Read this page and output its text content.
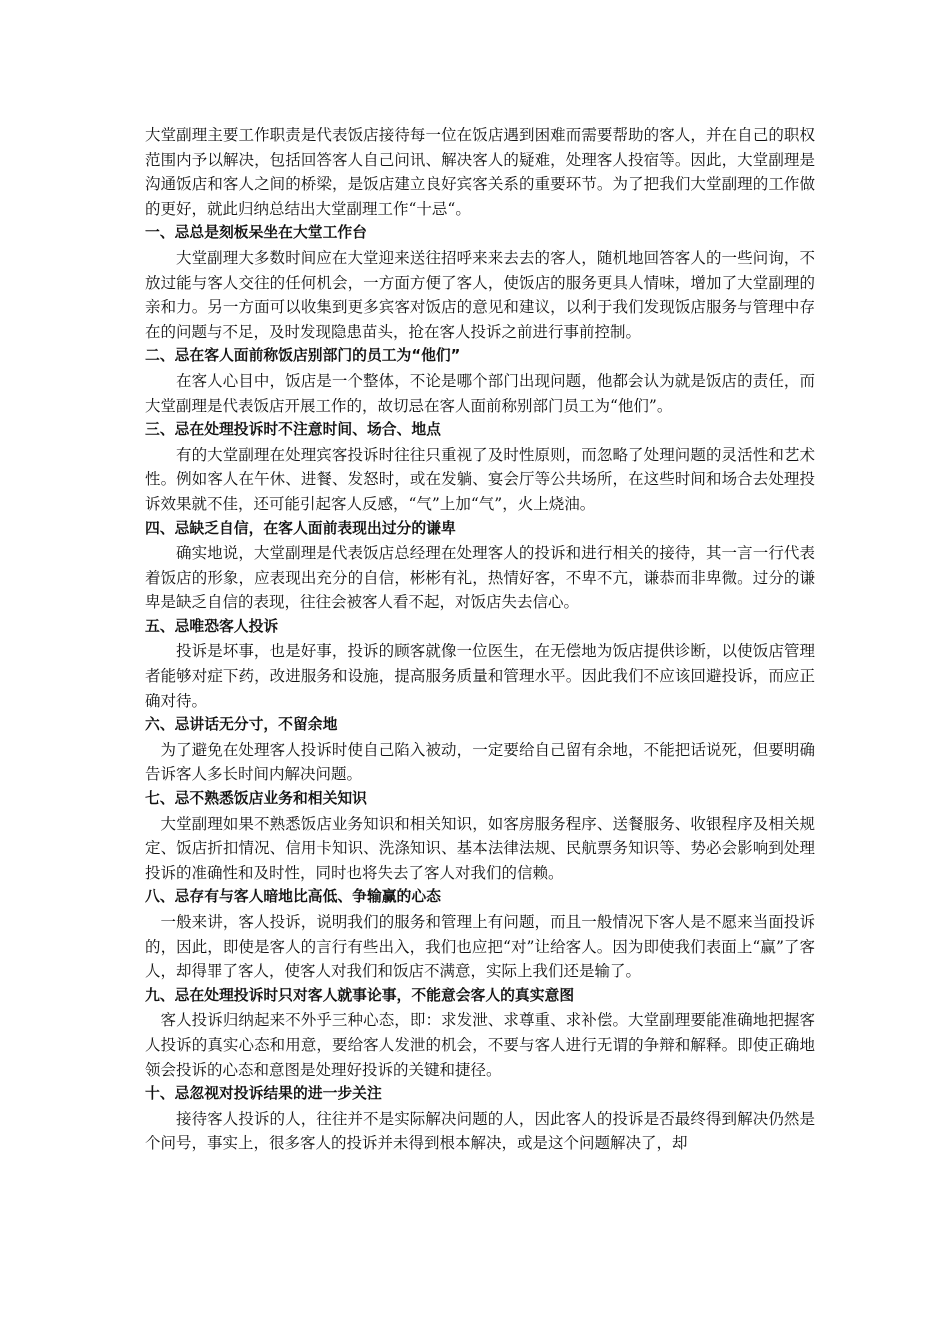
大堂副理主要工作职责是代表饭店接待每一位在饭店遇到困难而需要帮助的客人，并在自己的职权范围内予以解决，包括回答客人自己问讯、解决客人的疑难，处理客人投宿等。因此，大堂副理是沟通饭店和客人之间的桥梁，是饭店建立良好宾客关系的重要环节。为了把我们大堂副理的工作做的更好，就此归纳总结出大堂副理工作“十忌“。

一、忌总是刻板呆坐在大堂工作台

大堂副理大多数时间应在大堂迎来送往招呼来来去去的客人，随机地回答客人的一些问询，不放过能与客人交往的任何机会，一方面方便了客人，使饭店的服务更具人情味，增加了大堂副理的亲和力。另一方面可以收集到更多宾客对饭店的意见和建议，以利于我们发现饭店服务与管理中存在的问题与不足，及时发现隐患苗头，抢在客人投诉之前进行事前控制。

二、忌在客人面前称饭店别部门的员工为“他们”

在客人心目中，饭店是一个整体，不论是哪个部门出现问题，他都会认为就是饭店的责任，而大堂副理是代表饭店开展工作的，故切忌在客人面前称别部门员工为“他们”。

三、忌在处理投诉时不注意时间、场合、地点

有的大堂副理在处理宾客投诉时往往只重视了及时性原则，而忽略了处理问题的灵活性和艺术性。例如客人在午休、进餐、发怒时，或在发躺、宴会厅等公共场所，在这些时间和场合去处理投诉效果就不佳，还可能引起客人反感，“气”上加“气”，火上烧油。

四、忌缺乏自信，在客人面前表现出过分的谦卑

确实地说，大堂副理是代表饭店总经理在处理客人的投诉和进行相关的接待，其一言一行代表着饭店的形象，应表现出充分的自信，彬彬有礼，热情好客，不卑不亢，谦恭而非卑微。过分的谦卑是缺乏自信的表现，往往会被客人看不起，对饭店失去信心。

五、忌唯恐客人投诉

投诉是坏事，也是好事，投诉的顾客就像一位医生，在无偿地为饭店提供诊断，以使饭店管理者能够对症下药，改进服务和设施，提高服务质量和管理水平。因此我们不应该回避投诉，而应正确对待。

六、忌讲话无分寸，不留余地

为了避免在处理客人投诉时使自己陷入被动，一定要给自己留有余地，不能把话说死，但要明确告诉客人多长时间内解决问题。

七、忌不熟悉饭店业务和相关知识

大堂副理如果不熟悉饭店业务知识和相关知识，如客房服务程序、送餐服务、收银程序及相关规定、饭店折扣情况、信用卡知识、洗涤知识、基本法律法规、民航票务知识等、势必会影响到处理投诉的准确性和及时性，同时也将失去了客人对我们的信赖。

八、忌存有与客人暗地比高低、争输赢的心态

一般来讲，客人投诉，说明我们的服务和管理上有问题，而且一般情况下客人是不愿来当面投诉的，因此，即使是客人的言行有些出入，我们也应把“对”让给客人。因为即使我们表面上“赢”了客人，却得罪了客人，使客人对我们和饭店不满意，实际上我们还是输了。

九、忌在处理投诉时只对客人就事论事，不能意会客人的真实意图

客人投诉归纳起来不外乎三种心态，即：求发泄、求尊重、求补偿。大堂副理要能准确地把握客人投诉的真实心态和用意，要给客人发泄的机会，不要与客人进行无谓的争辩和解释。即使正确地领会投诉的心态和意图是处理好投诉的关键和捷径。

十、忌忽视对投诉结果的进一步关注

接待客人投诉的人，往往并不是实际解决问题的人，因此客人的投诉是否最终得到解决仍然是个问号，事实上，很多客人的投诉并未得到根本解决，或是这个问题解决了，却
